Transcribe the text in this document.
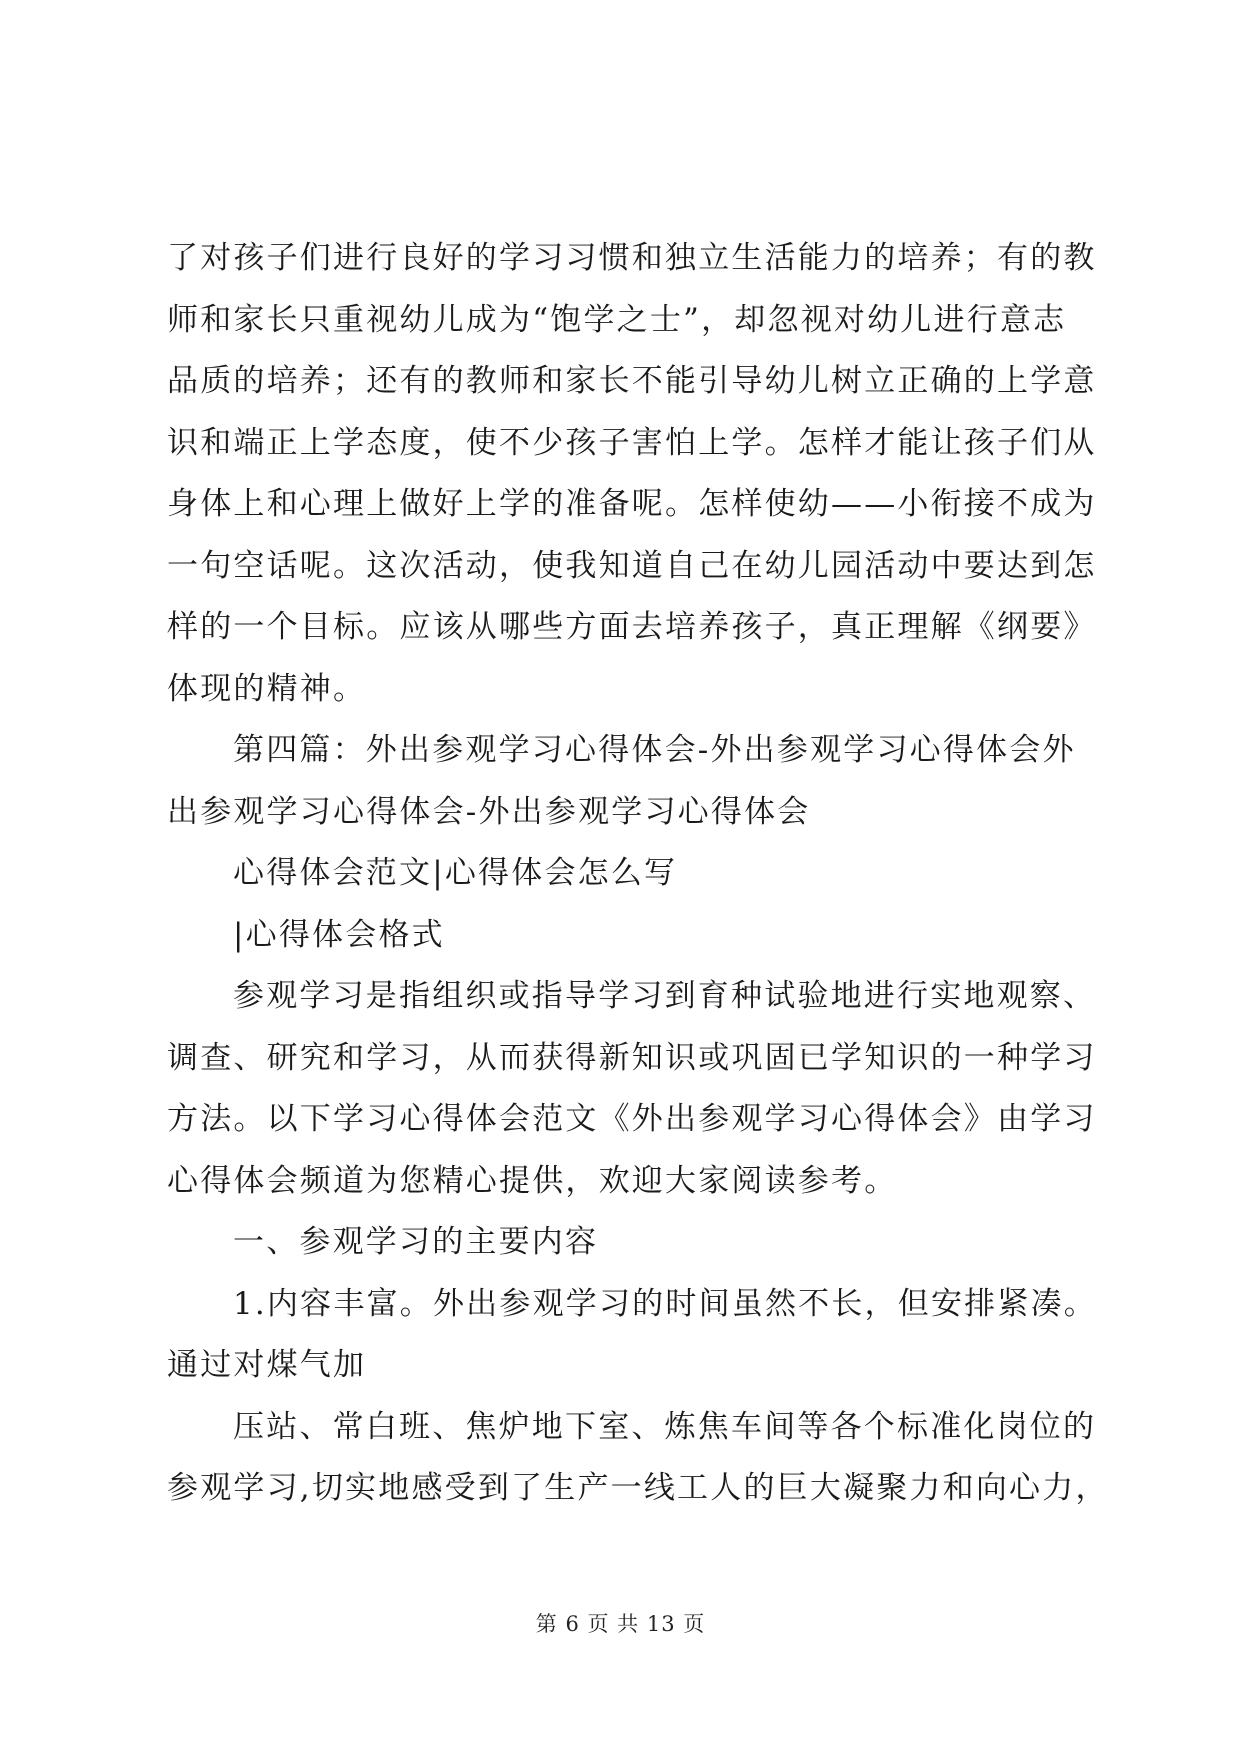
了对孩子们进行良好的学习习惯和独立生活能力的培养；有的教
师和家长只重视幼儿成为“饱学之士”，却忽视对幼儿进行意志
品质的培养；还有的教师和家长不能引导幼儿树立正确的上学意
识和端正上学态度，使不少孩子害怕上学。怎样才能让孩子们从
身体上和心理上做好上学的准备呢。怎样使幼——小衔接不成为
一句空话呢。这次活动，使我知道自己在幼儿园活动中要达到怎
样的一个目标。应该从哪些方面去培养孩子，真正理解《纲要》
体现的精神。
第四篇：外出参观学习心得体会-外出参观学习心得体会外
出参观学习心得体会-外出参观学习心得体会
心得体会范文|心得体会怎么写
|心得体会格式
参观学习是指组织或指导学习到育种试验地进行实地观察、
调查、研究和学习，从而获得新知识或巩固已学知识的一种学习
方法。以下学习心得体会范文《外出参观学习心得体会》由学习
心得体会频道为您精心提供，欢迎大家阅读参考。
一、参观学习的主要内容
1.内容丰富。外出参观学习的时间虽然不长，但安排紧凑。
通过对煤气加
压站、常白班、焦炉地下室、炼焦车间等各个标准化岗位的
参观学习,切实地感受到了生产一线工人的巨大凝聚力和向心力，
第 6 页 共 13 页
